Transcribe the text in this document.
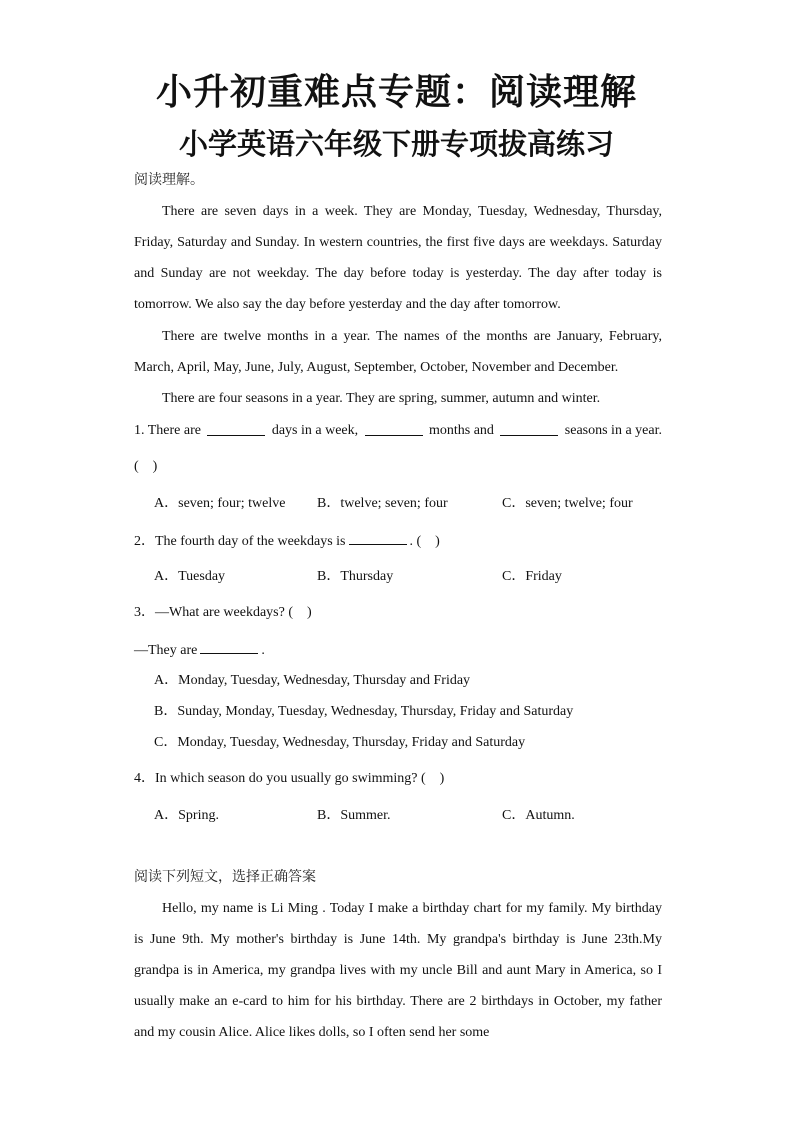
小升初重难点专题：阅读理解
小学英语六年级下册专项拔高练习
阅读理解。
There are seven days in a week. They are Monday, Tuesday, Wednesday, Thursday, Friday, Saturday and Sunday. In western countries, the first five days are weekdays. Saturday and Sunday are not weekday. The day before today is yesterday. The day after today is tomorrow. We also say the day before yesterday and the day after tomorrow.
There are twelve months in a year. The names of the months are January, February, March, April, May, June, July, August, September, October, November and December.
There are four seasons in a year. They are spring, summer, autumn and winter.
1. There are	days in a week,	months and	seasons in a year.
(　)
A．seven; four; twelve B．twelve; seven; four	C．seven; twelve; four
2．The fourth day of the weekdays is	. (　)
A．Tuesday	B．Thursday	C．Friday
3．—What are weekdays? (　)
—They are	.
A．Monday, Tuesday, Wednesday, Thursday and Friday
B．Sunday, Monday, Tuesday, Wednesday, Thursday, Friday and Saturday
C．Monday, Tuesday, Wednesday, Thursday, Friday and Saturday
4．In which season do you usually go swimming? (　)
A．Spring.	B．Summer.	C．Autumn.
阅读下列短文，选择正确答案
Hello, my name is Li Ming . Today I make a birthday chart for my family. My birthday is June 9th. My mother's birthday is June 14th. My grandpa's birthday is June 23th.My grandpa is in America, my grandpa lives with my uncle Bill and aunt Mary in America, so I usually make an e-card to him for his birthday. There are 2 birthdays in October, my father and my cousin Alice. Alice likes dolls, so I often send her some
